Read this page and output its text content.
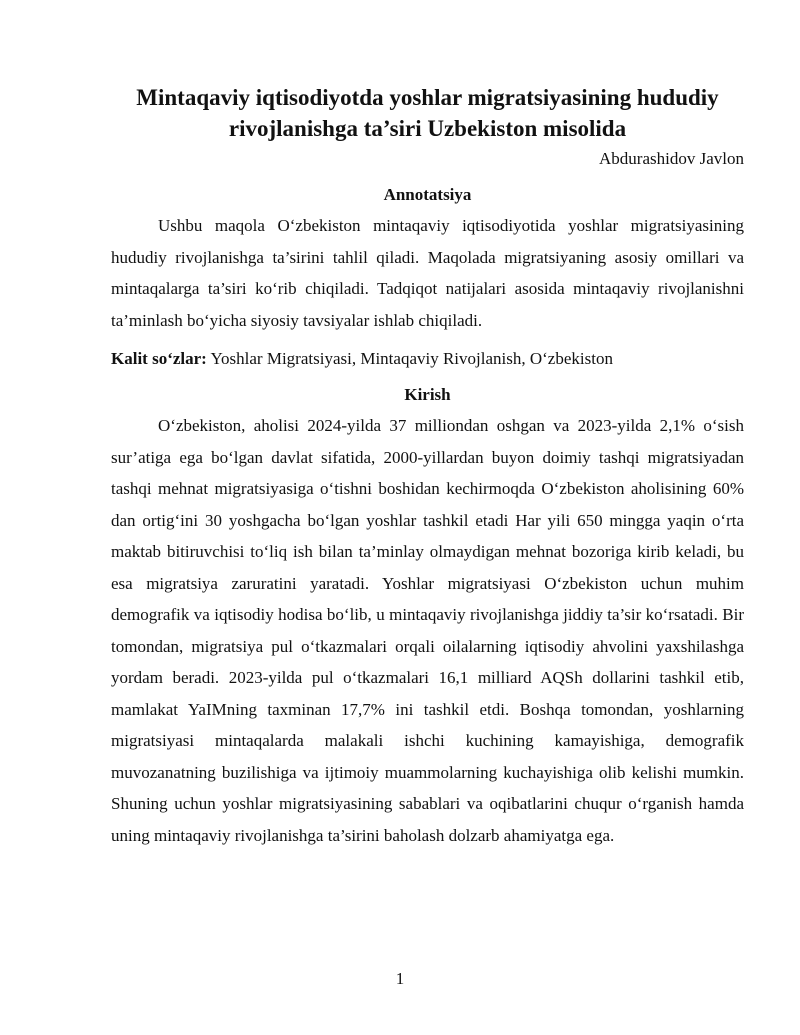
Mintaqaviy iqtisodiyotda yoshlar migratsiyasining hududiy rivojlanishga ta’siri Uzbekiston misolida

Abdurashidov Javlon

Annotatsiya

Ushbu maqola O‘zbekiston mintaqaviy iqtisodiyotida yoshlar migratsiyasining hududiy rivojlanishga ta’sirini tahlil qiladi. Maqolada migratsiyaning asosiy omillari va mintaqalarga ta’siri ko‘rib chiqiladi. Tadqiqot natijalari asosida mintaqaviy rivojlanishni ta’minlash bo‘yicha siyosiy tavsiyalar ishlab chiqiladi.

Kalit so‘zlar: Yoshlar Migratsiyasi, Mintaqaviy Rivojlanish, O‘zbekiston

Kirish

O‘zbekiston, aholisi 2024-yilda 37 milliondan oshgan va 2023-yilda 2,1% o‘sish sur’atiga ega bo‘lgan davlat sifatida, 2000-yillardan buyon doimiy tashqi migratsiyadan tashqi mehnat migratsiyasiga o‘tishni boshidan kechirmoqda O‘zbekiston aholisining 60% dan ortig‘ini 30 yoshgacha bo‘lgan yoshlar tashkil etadi Har yili 650 mingga yaqin o‘rta maktab bitiruvchisi to‘liq ish bilan ta’minlay olmaydigan mehnat bozoriga kirib keladi, bu esa migratsiya zaruratini yaratadi. Yoshlar migratsiyasi O‘zbekiston uchun muhim demografik va iqtisodiy hodisa bo‘lib, u mintaqaviy rivojlanishga jiddiy ta’sir ko‘rsatadi. Bir tomondan, migratsiya pul o‘tkazmalari orqali oilalarning iqtisodiy ahvolini yaxshilashga yordam beradi. 2023-yilda pul o‘tkazmalari 16,1 milliard AQSh dollarini tashkil etib, mamlakat YaIMning taxminan 17,7% ini tashkil etdi. Boshqa tomondan, yoshlarning migratsiyasi mintaqalarda malakali ishchi kuchining kamayishiga, demografik muvozanatning buzilishiga va ijtimoiy muammolarning kuchayishiga olib kelishi mumkin. Shuning uchun yoshlar migratsiyasining sabablari va oqibatlarini chuqur o‘rganish hamda uning mintaqaviy rivojlanishga ta’sirini baholash dolzarb ahamiyatga ega.

1
